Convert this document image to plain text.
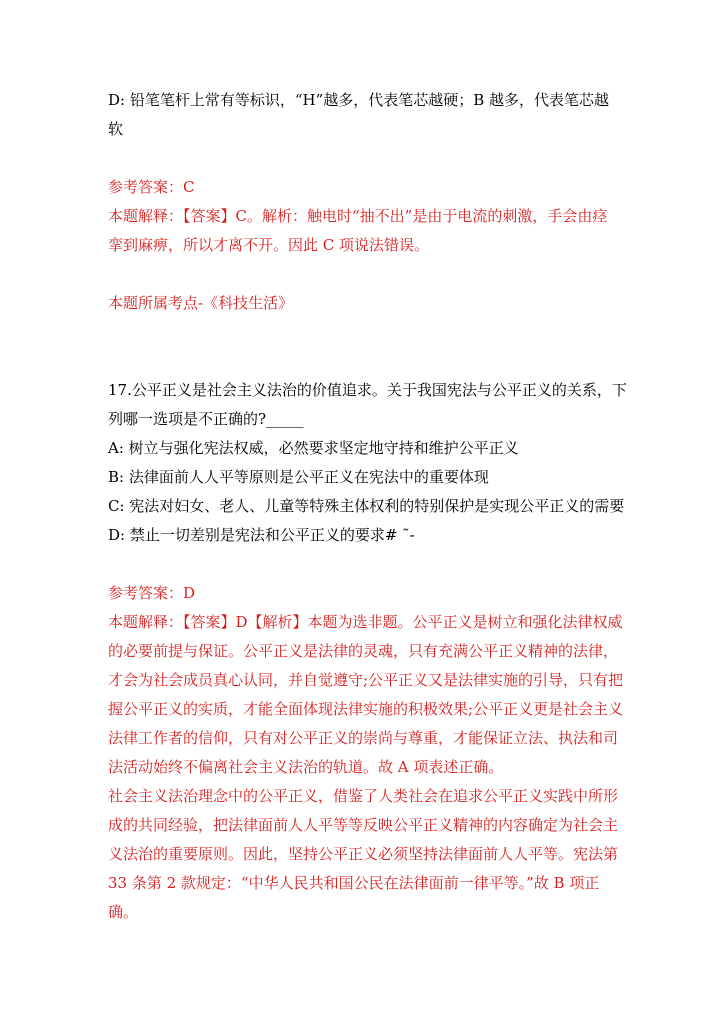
D: 铅笔笔杆上常有等标识，“H”越多，代表笔芯越硬；B 越多，代表笔芯越

软

参考答案：C

本题解释：【答案】C。解析：触电时“抽不出”是由于电流的刺激，手会由痉

挛到麻痹，所以才离不开。因此 C 项说法错误。

本题所属考点-《科技生活》

17.公平正义是社会主义法治的价值追求。关于我国宪法与公平正义的关系，下

列哪一选项是不正确的?_____

A: 树立与强化宪法权威，必然要求坚定地守持和维护公平正义

B: 法律面前人人平等原则是公平正义在宪法中的重要体现

C: 宪法对妇女、老人、儿童等特殊主体权利的特别保护是实现公平正义的需要

D: 禁止一切差别是宪法和公平正义的要求# ˜-

参考答案：D

本题解释：【答案】D【解析】本题为选非题。公平正义是树立和强化法律权威

的必要前提与保证。公平正义是法律的灵魂，只有充满公平正义精神的法律，

才会为社会成员真心认同，并自觉遵守;公平正义又是法律实施的引导，只有把

握公平正义的实质，才能全面体现法律实施的积极效果;公平正义更是社会主义

法律工作者的信仰，只有对公平正义的崇尚与尊重，才能保证立法、执法和司

法活动始终不偏离社会主义法治的轨道。故 A 项表述正确。

社会主义法治理念中的公平正义，借鉴了人类社会在追求公平正义实践中所形

成的共同经验，把法律面前人人平等等反映公平正义精神的内容确定为社会主

义法治的重要原则。因此，坚持公平正义必须坚持法律面前人人平等。宪法第

33 条第 2 款规定：“中华人民共和国公民在法律面前一律平等。”故 B 项正

确。
